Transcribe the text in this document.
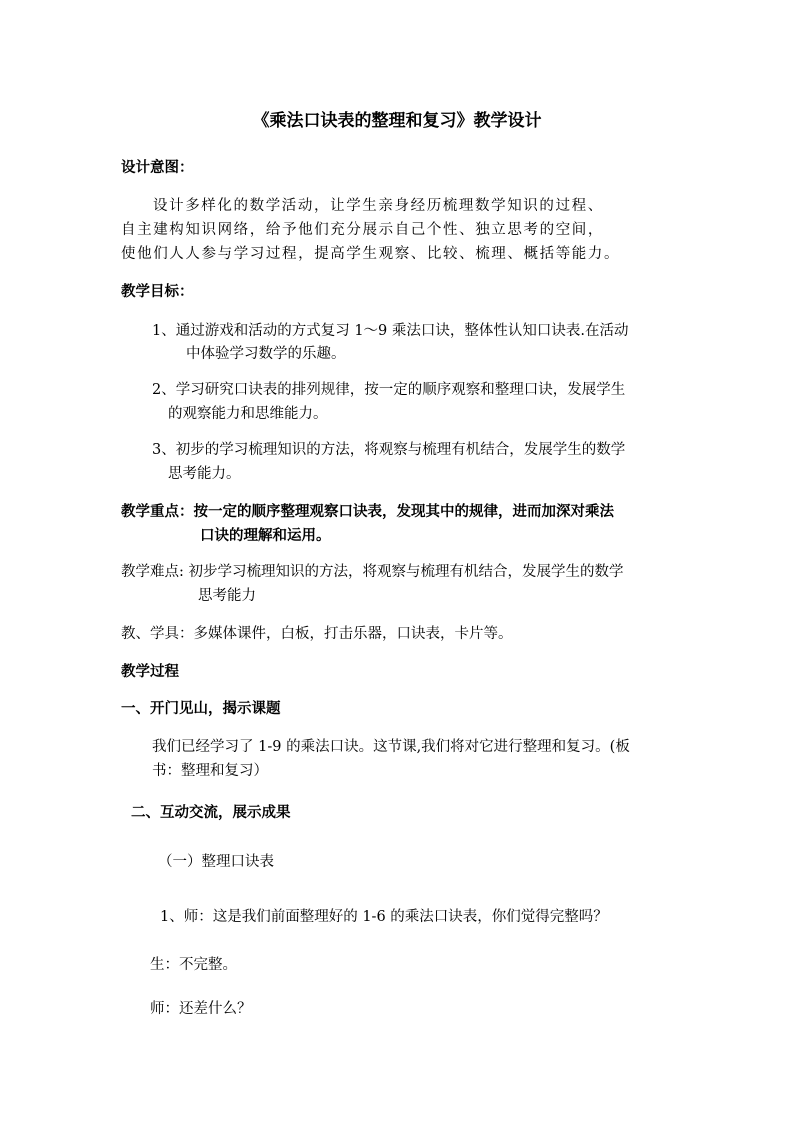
《乘法口诀表的整理和复习》教学设计
设计意图：
设计多样化的数学活动，让学生亲身经历梳理数学知识的过程、
自主建构知识网络，给予他们充分展示自己个性、独立思考的空间，
使他们人人参与学习过程，提高学生观察、比较、梳理、概括等能力。
教学目标：
1、通过游戏和活动的方式复习 1～9 乘法口诀，整体性认知口诀表.在活动
中体验学习数学的乐趣。
2、学习研究口诀表的排列规律，按一定的顺序观察和整理口诀，发展学生
的观察能力和思维能力。
3、初步的学习梳理知识的方法，将观察与梳理有机结合，发展学生的数学
思考能力。
教学重点：按一定的顺序整理观察口诀表，发现其中的规律，进而加深对乘法
口诀的理解和运用。
教学难点: 初步学习梳理知识的方法，将观察与梳理有机结合，发展学生的数学
思考能力
教、学具：多媒体课件，白板，打击乐器，口诀表，卡片等。
教学过程
一、开门见山，揭示课题
我们已经学习了 1-9 的乘法口诀。这节课,我们将对它进行整理和复习。(板
书：整理和复习）
二、互动交流，展示成果
（一）整理口诀表
1、师：这是我们前面整理好的 1-6 的乘法口诀表，你们觉得完整吗？
生：不完整。
师：还差什么？
